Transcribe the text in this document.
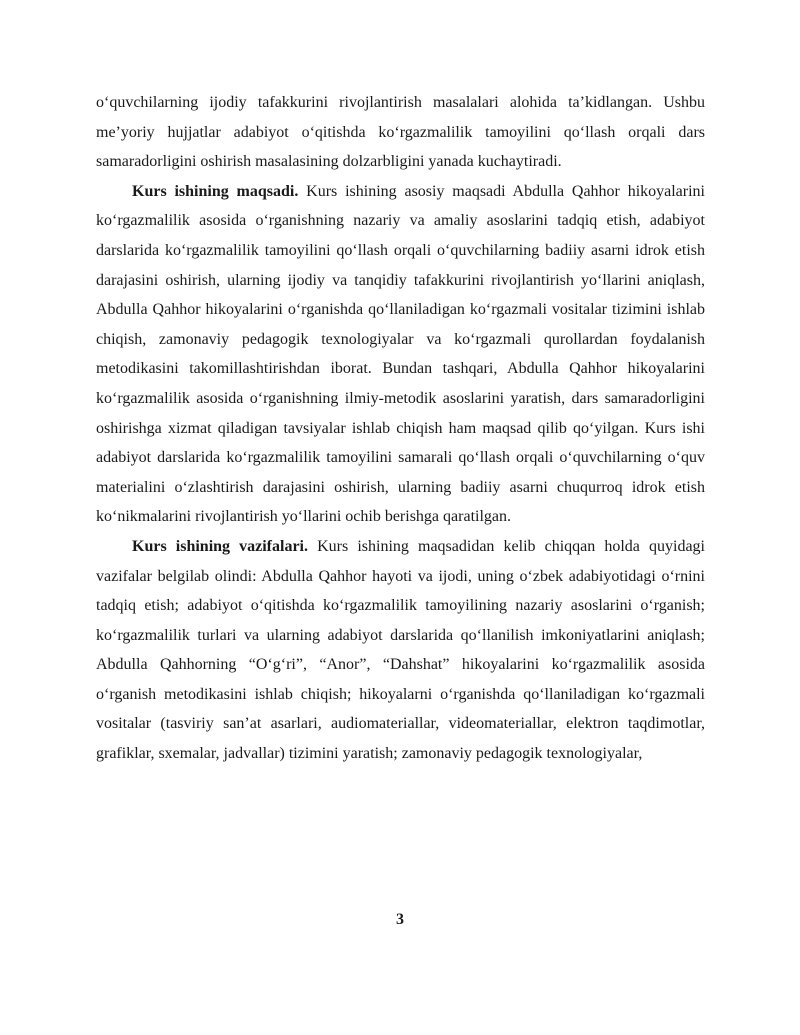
o‘quvchilarning ijodiy tafakkurini rivojlantirish masalalari alohida ta’kidlangan. Ushbu me’yoriy hujjatlar adabiyot o‘qitishda ko‘rgazmalilik tamoyilini qo‘llash orqali dars samaradorligini oshirish masalasining dolzarbligini yanada kuchaytiradi.

Kurs ishining maqsadi. Kurs ishining asosiy maqsadi Abdulla Qahhor hikoyalarini ko‘rgazmalilik asosida o‘rganishning nazariy va amaliy asoslarini tadqiq etish, adabiyot darslarida ko‘rgazmalilik tamoyilini qo‘llash orqali o‘quvchilarning badiiy asarni idrok etish darajasini oshirish, ularning ijodiy va tanqidiy tafakkurini rivojlantirish yo‘llarini aniqlash, Abdulla Qahhor hikoyalarini o‘rganishda qo‘llaniladigan ko‘rgazmali vositalar tizimini ishlab chiqish, zamonaviy pedagogik texnologiyalar va ko‘rgazmali qurollardan foydalanish metodikasini takomillashtirishdan iborat. Bundan tashqari, Abdulla Qahhor hikoyalarini ko‘rgazmalilik asosida o‘rganishning ilmiy-metodik asoslarini yaratish, dars samaradorligini oshirishga xizmat qiladigan tavsiyalar ishlab chiqish ham maqsad qilib qo‘yilgan. Kurs ishi adabiyot darslarida ko‘rgazmalilik tamoyilini samarali qo‘llash orqali o‘quvchilarning o‘quv materialini o‘zlashtirish darajasini oshirish, ularning badiiy asarni chuqurroq idrok etish ko‘nikmalarini rivojlantirish yo‘llarini ochib berishga qaratilgan.

Kurs ishining vazifalari. Kurs ishining maqsadidan kelib chiqqan holda quyidagi vazifalar belgilab olindi: Abdulla Qahhor hayoti va ijodi, uning o‘zbek adabiyotidagi o‘rnini tadqiq etish; adabiyot o‘qitishda ko‘rgazmalilik tamoyilining nazariy asoslarini o‘rganish; ko‘rgazmalilik turlari va ularning adabiyot darslarida qo‘llanilish imkoniyatlarini aniqlash; Abdulla Qahhorning “O‘g‘ri”, “Anor”, “Dahshat” hikoyalarini ko‘rgazmalilik asosida o‘rganish metodikasini ishlab chiqish; hikoyalarni o‘rganishda qo‘llaniladigan ko‘rgazmali vositalar (tasviriy san’at asarlari, audiomateriallar, videomateriallar, elektron taqdimotlar, grafiklar, sxemalar, jadvallar) tizimini yaratish; zamonaviy pedagogik texnologiyalar,

3
